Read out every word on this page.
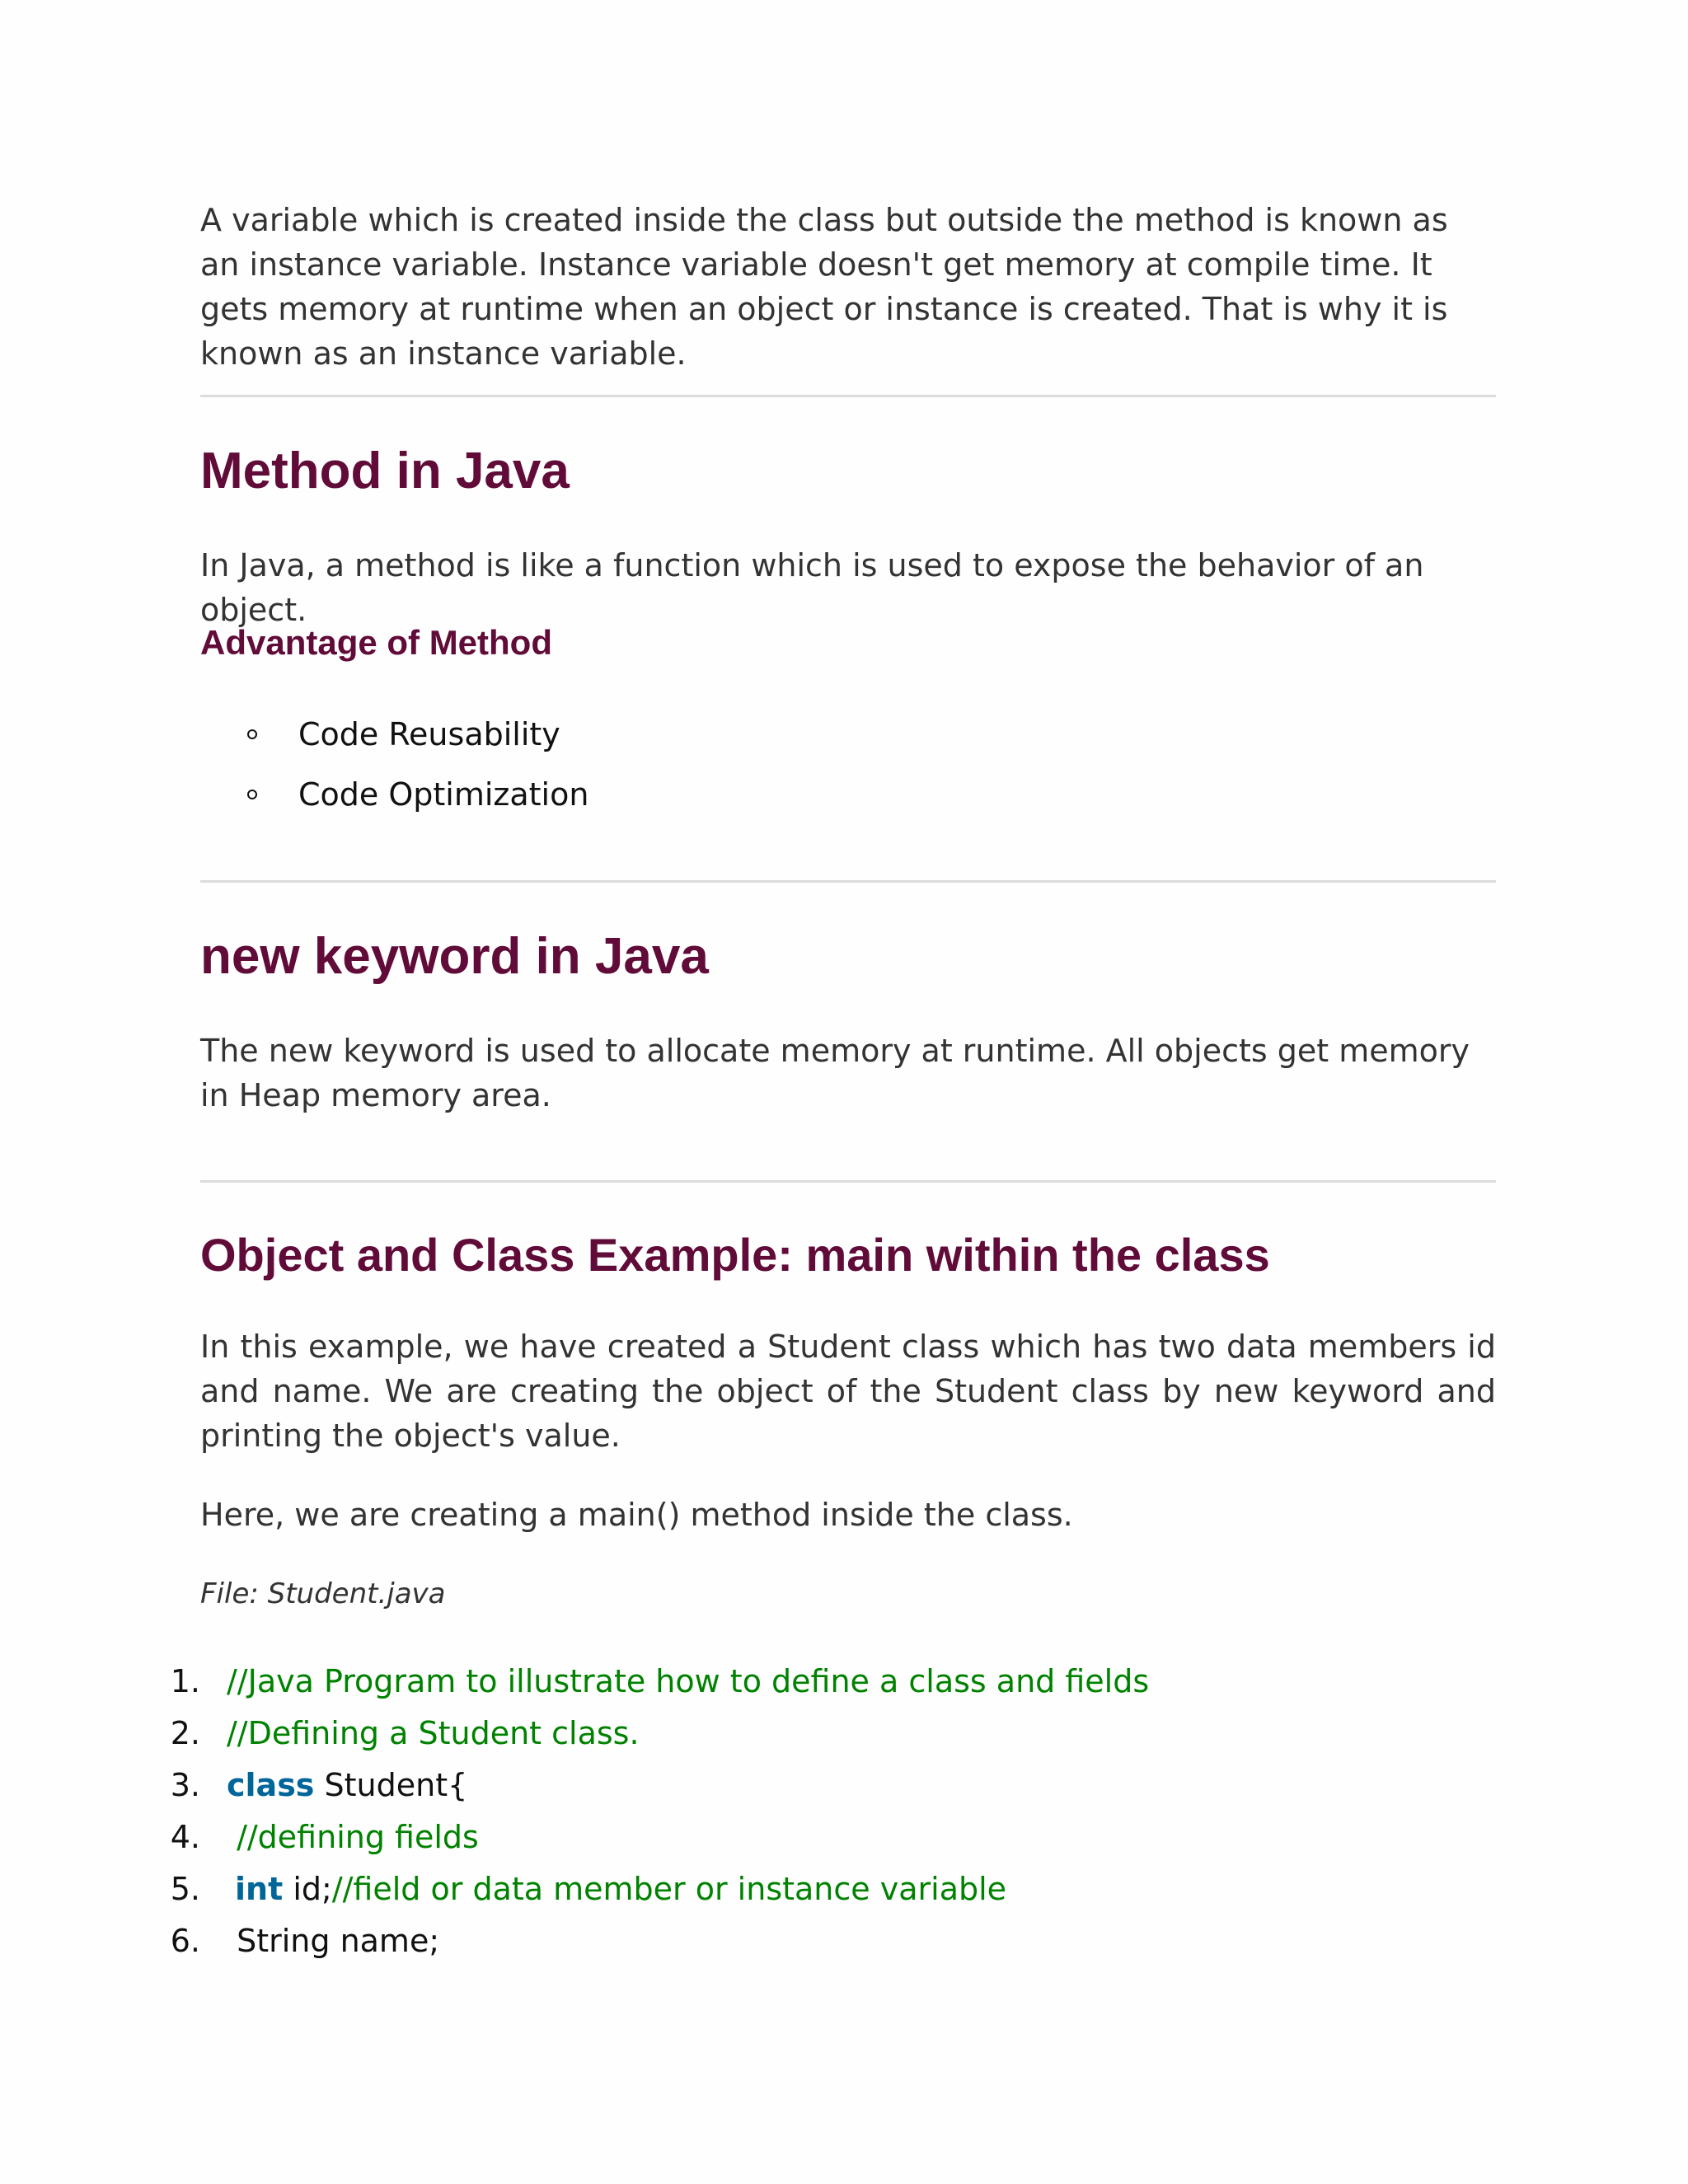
A variable which is created inside the class but outside the method is known as an instance variable. Instance variable doesn't get memory at compile time. It gets memory at runtime when an object or instance is created. That is why it is known as an instance variable.

Method in Java

In Java, a method is like a function which is used to expose the behavior of an object.

Advantage of Method
Code Reusability
Code Optimization
new keyword in Java

The new keyword is used to allocate memory at runtime. All objects get memory in Heap memory area.

Object and Class Example: main within the class

In this example, we have created a Student class which has two data members id and name. We are creating the object of the Student class by new keyword and printing the object's value.

Here, we are creating a main() method inside the class.

File: Student.java
1. //Java Program to illustrate how to define a class and fields
2. //Defining a Student class.
3. class Student{
4. //defining fields
5. int id; //field or data member or instance variable
6. String name;
